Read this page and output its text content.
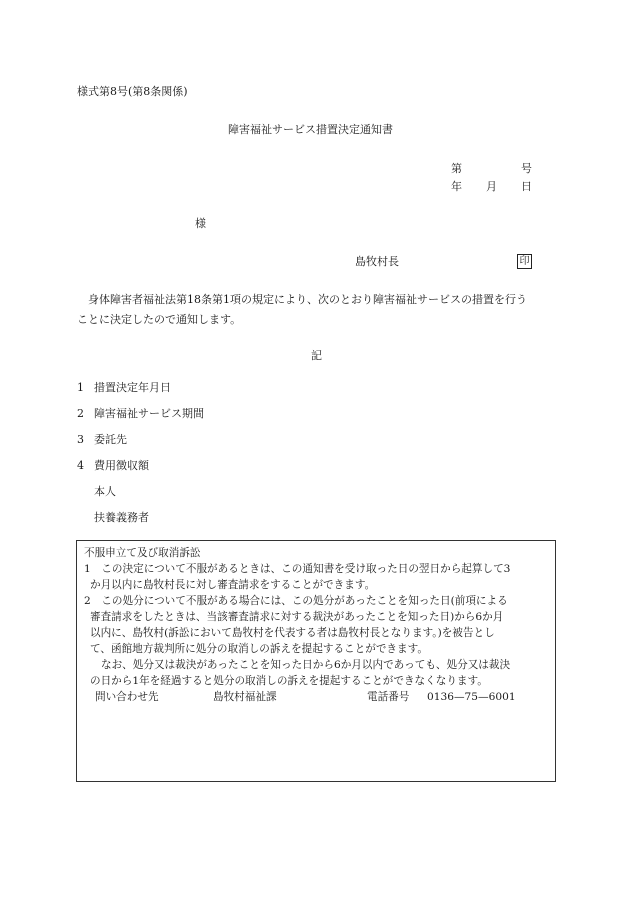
様式第8号(第8条関係)
障害福祉サービス措置決定通知書
第	号
年 月 日
様
島牧村長	印
身体障害者福祉法第18条第1項の規定により、次のとおり障害福祉サービスの措置を行う
ことに決定したので通知します。
記
1 措置決定年月日
2 障害福祉サービス期間
3 委託先
4 費用徴収額
本人
扶養義務者
不服申立て及び取消訴訟
1　この決定について不服があるときは、この通知書を受け取った日の翌日から起算して3
か月以内に島牧村長に対し審査請求をすることができます。
2　この処分について不服がある場合には、この処分があったことを知った日(前項による
審査請求をしたときは、当該審査請求に対する裁決があったことを知った日)から6か月
以内に、島牧村(訴訟において島牧村を代表する者は島牧村長となります。)を被告とし
て、函館地方裁判所に処分の取消しの訴えを提起することができます。
なお、処分又は裁決があったことを知った日から6か月以内であっても、処分又は裁決
の日から1年を経過すると処分の取消しの訴えを提起することができなくなります。
問い合わせ先	島牧村福祉課	電話番号 0136—75—6001
